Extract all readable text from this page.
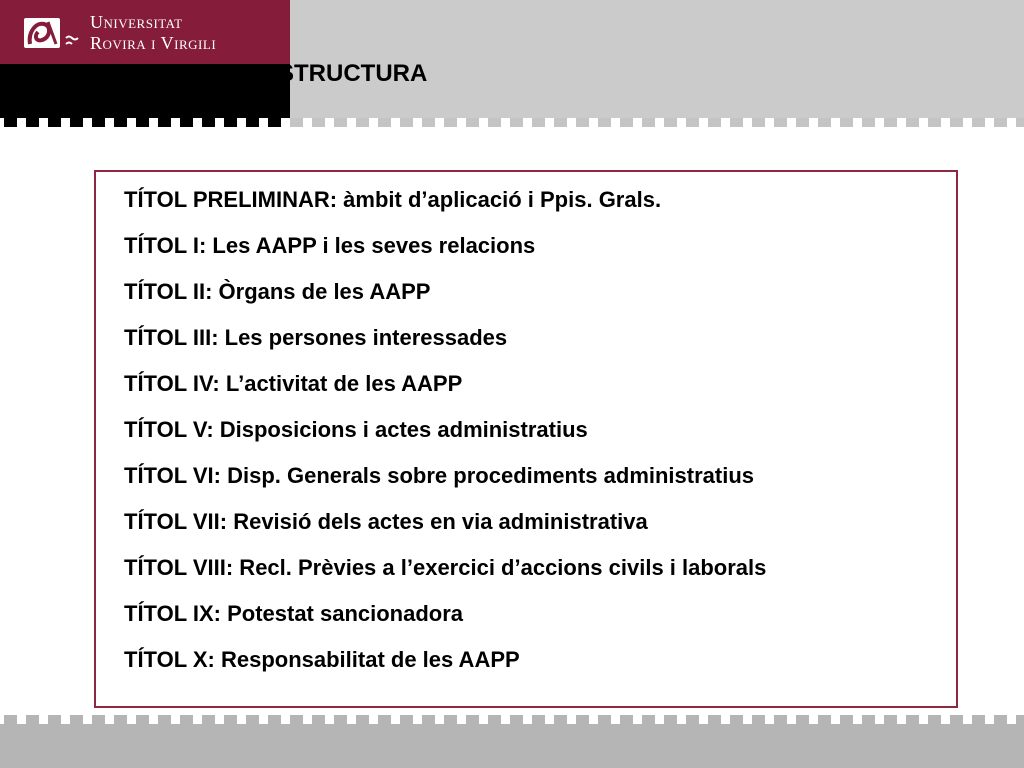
Universitat
Rovira i Virgili
ESTRUCTURA
TÍTOL PRELIMINAR: àmbit d’aplicació i Ppis. Grals.
TÍTOL I: Les AAPP i les seves relacions
TÍTOL II: Òrgans de les AAPP
TÍTOL III: Les persones interessades
TÍTOL IV: L’activitat de les AAPP
TÍTOL V: Disposicions i actes administratius
TÍTOL VI: Disp. Generals sobre procediments administratius
TÍTOL VII: Revisió dels actes en via administrativa
TÍTOL VIII: Recl. Prèvies a l’exercici d’accions civils i laborals
TÍTOL IX: Potestat sancionadora
TÍTOL X: Responsabilitat de les AAPP
